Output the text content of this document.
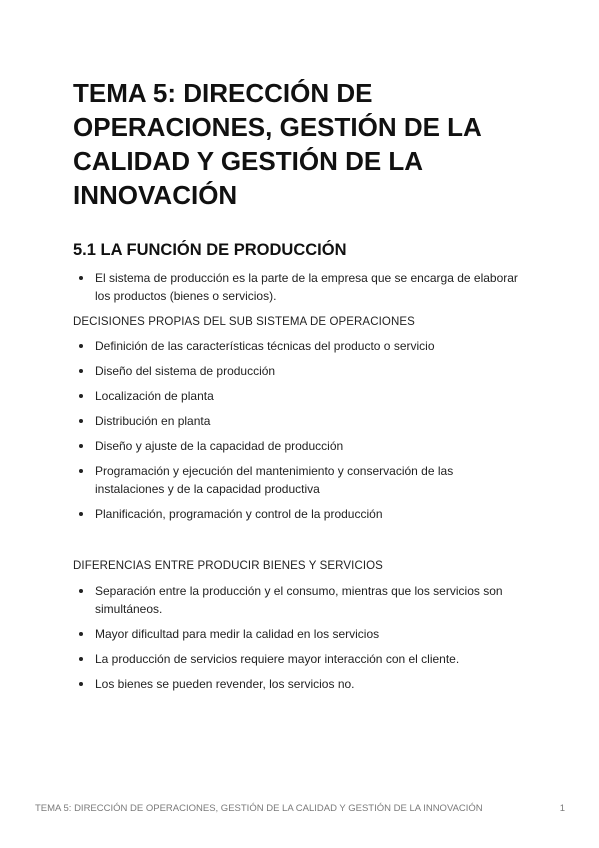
TEMA 5: DIRECCIÓN DE OPERACIONES, GESTIÓN DE LA CALIDAD Y GESTIÓN DE LA INNOVACIÓN
5.1 LA FUNCIÓN DE PRODUCCIÓN
El sistema de producción es la parte de la empresa que se encarga de elaborar los productos (bienes o servicios).

DECISIONES PROPIAS DEL SUB SISTEMA DE OPERACIONES

Definición de las características técnicas del producto o servicio
Diseño del sistema de producción
Localización de planta
Distribución en planta
Diseño y ajuste de la capacidad de producción
Programación y ejecución del mantenimiento y conservación de las instalaciones y de la capacidad productiva
Planificación, programación y control de la producción

DIFERENCIAS ENTRE PRODUCIR BIENES Y SERVICIOS

Separación entre la producción y el consumo, mientras que los servicios son simultáneos.
Mayor dificultad para medir la calidad en los servicios
La producción de servicios requiere mayor interacción con el cliente.
Los bienes se pueden revender, los servicios no.
TEMA 5: DIRECCIÓN DE OPERACIONES, GESTIÓN DE LA CALIDAD Y GESTIÓN DE LA INNOVACIÓN	1
